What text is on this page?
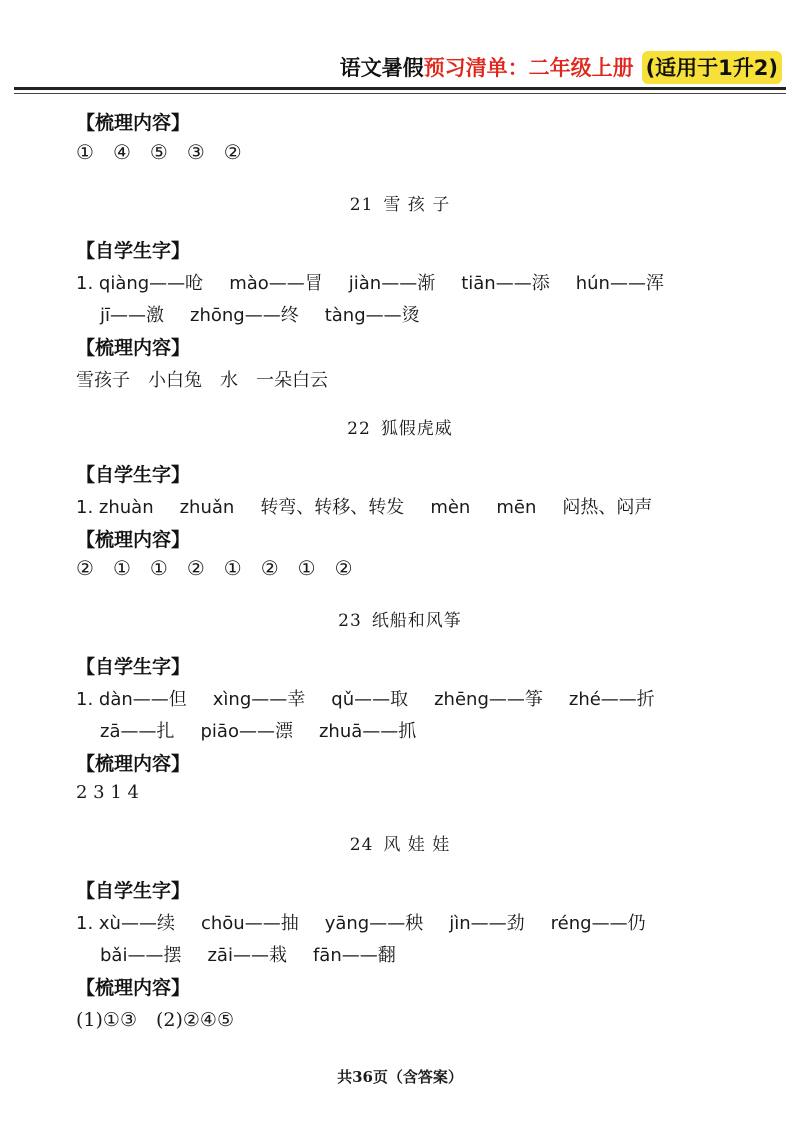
语文暑假 预习清单：二年级上册 (适用于1升2)
【梳理内容】
① ④ ⑤ ③ ②
21 雪 孩 子
【自学生字】
1. qiàng——呛 mào——冒 jiàn——渐 tiān——添 hún——浑
jī——激 zhōng——终 tàng——烫
【梳理内容】
雪孩子　小白兔　水　一朵白云
22 狐假虎威
【自学生字】
1. zhuàn zhuǎn 转弯、转移、转发 mèn mēn 闷热、闷声
【梳理内容】
② ① ① ② ① ② ① ②
23 纸船和风筝
【自学生字】
1. dàn——但 xìng——幸 qǔ——取 zhēng——筝 zhé——折
zā——扎 piāo——漂 zhuā——抓
【梳理内容】
2 3 1 4
24 风 娃 娃
【自学生字】
1. xù——续 chōu——抽 yāng——秧 jìn——劲 réng——仍
bǎi——摆 zāi——栽 fān——翻
【梳理内容】
(1)①③　(2)②④⑤
共36页（含答案）
